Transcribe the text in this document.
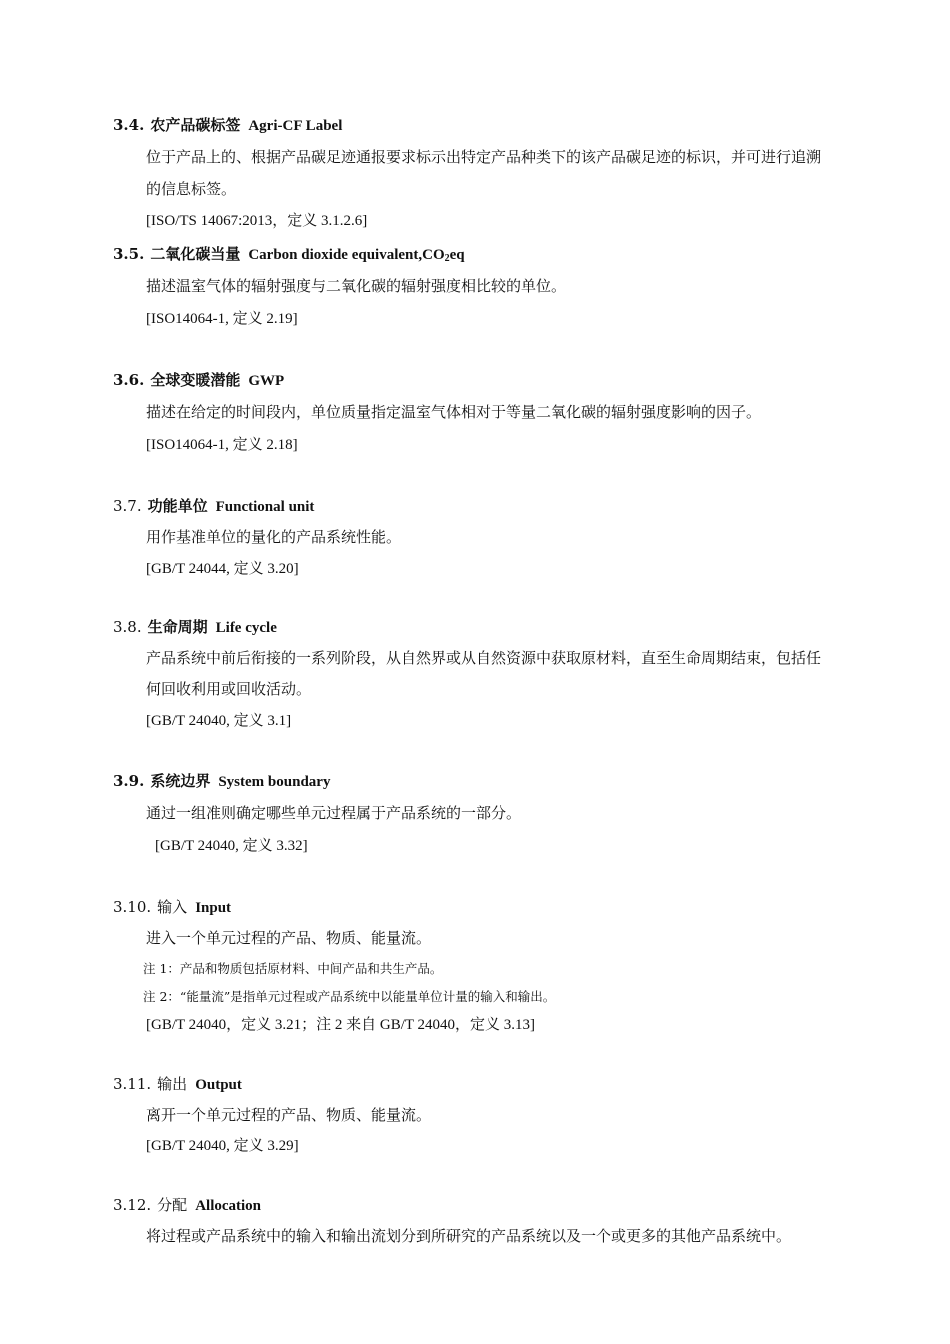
3.4. 农产品碳标签 Agri-CF Label
位于产品上的、根据产品碳足迹通报要求标示出特定产品种类下的该产品碳足迹的标识，并可进行追溯
的信息标签。
[ISO/TS 14067:2013，定义 3.1.2.6]
3.5. 二氧化碳当量 Carbon dioxide $equivalent,CO_2eq$
描述温室气体的辐射强度与二氧化碳的辐射强度相比较的单位。
[ISO14064-1, 定义 2.19]
3.6. 全球变暖潜能 GWP
描述在给定的时间段内，单位质量指定温室气体相对于等量二氧化碳的辐射强度影响的因子。
[ISO14064-1, 定义 2.18]
3.7. 功能单位 Functional unit
用作基准单位的量化的产品系统性能。
[GB/T 24044, 定义 3.20]
3.8. 生命周期 Life cycle
产品系统中前后衔接的一系列阶段，从自然界或从自然资源中获取原材料，直至生命周期结束，包括任
何回收利用或回收活动。
[GB/T 24040, 定义 3.1]
3.9. 系统边界 System boundary
通过一组准则确定哪些单元过程属于产品系统的一部分。
[GB/T 24040, 定义 3.32]
3.10. 输入 Input
进入一个单元过程的产品、物质、能量流。
注 1：产品和物质包括原材料、中间产品和共生产品。
注 2：“能量流”是指单元过程或产品系统中以能量单位计量的输入和输出。
[GB/T 24040，定义 3.21；注 2 来自 GB/T 24040，定义 3.13]
3.11. 输出 Output
离开一个单元过程的产品、物质、能量流。
[GB/T 24040, 定义 3.29]
3.12. 分配 Allocation
将过程或产品系统中的输入和输出流划分到所研究的产品系统以及一个或更多的其他产品系统中。
